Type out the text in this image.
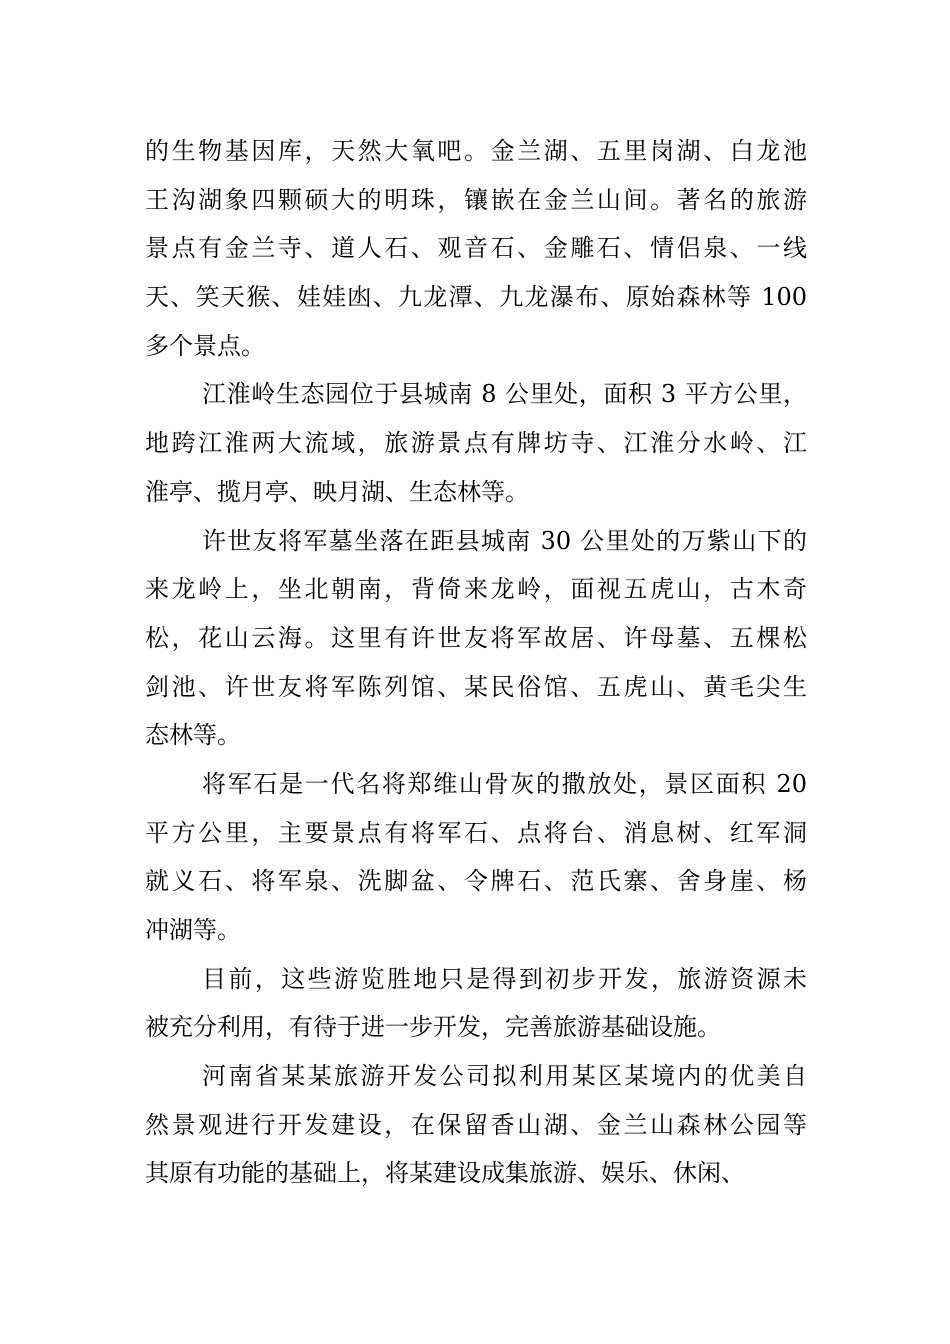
的生物基因库，天然大氧吧。金兰湖、五里岗湖、白龙池
王沟湖象四颗硕大的明珠，镶嵌在金兰山间。著名的旅游
景点有金兰寺、道人石、观音石、金雕石、情侣泉、一线
天、笑天猴、娃娃凼、九龙潭、九龙瀑布、原始森林等 100
多个景点。
江淮岭生态园位于县城南 8 公里处，面积 3 平方公里，
地跨江淮两大流域，旅游景点有牌坊寺、江淮分水岭、江
淮亭、揽月亭、映月湖、生态林等。
许世友将军墓坐落在距县城南 30 公里处的万紫山下的
来龙岭上，坐北朝南，背倚来龙岭，面视五虎山，古木奇
松，花山云海。这里有许世友将军故居、许母墓、五棵松
剑池、许世友将军陈列馆、某民俗馆、五虎山、黄毛尖生
态林等。
将军石是一代名将郑维山骨灰的撒放处，景区面积 20
平方公里，主要景点有将军石、点将台、消息树、红军洞
就义石、将军泉、洗脚盆、令牌石、范氏寨、舍身崖、杨
冲湖等。
目前，这些游览胜地只是得到初步开发，旅游资源未
被充分利用，有待于进一步开发，完善旅游基础设施。
河南省某某旅游开发公司拟利用某区某境内的优美自
然景观进行开发建设，在保留香山湖、金兰山森林公园等
其原有功能的基础上，将某建设成集旅游、娱乐、休闲、
